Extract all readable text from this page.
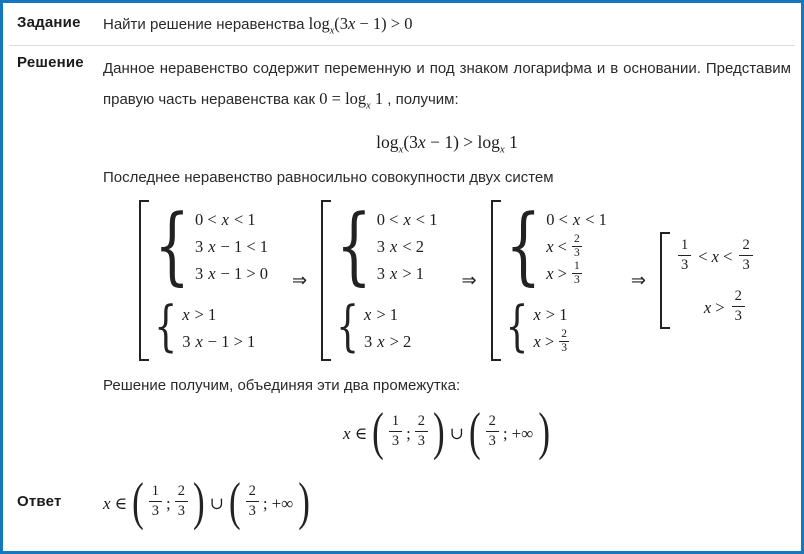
Задание	Найти решение неравенства $\log_x(3x - 1) > 0$
Решение	Данное неравенство содержит переменную и под знаком логарифма и в основании. Представим правую часть неравенства как $0 = \log_x 1$ , получим:
$\log_x(3x - 1) > \log_x 1$
Последнее неравенство равносильно совокупности двух систем
{ 0 < x < 1
3 x − 1 < 1
3 x − 1 > 0
{ x > 1
3 x − 1 > 1
⇒ { 0 < x < 1
3 x < 2
3 x > 1
{ x > 1
3 x > 2
⇒ { 0 < x < 1
$x < \frac{2}{3}$
$x > \frac{1}{3}$
{ x > 1
$x > \frac{2}{3}$
⇒
$\frac{1}{3} < x < \frac{2}{3}$
$x > \frac{2}{3}$
Решение получим, объединяя эти два промежутка:
x ∈ ( $\frac{1}{3}$ ; $\frac{2}{3}$ ) ∪ ( $\frac{2}{3}$ ; +∞ )
Ответ	x ∈ ( $\frac{1}{3}$ ; $\frac{2}{3}$ ) ∪ ( $\frac{2}{3}$ ; +∞ )
